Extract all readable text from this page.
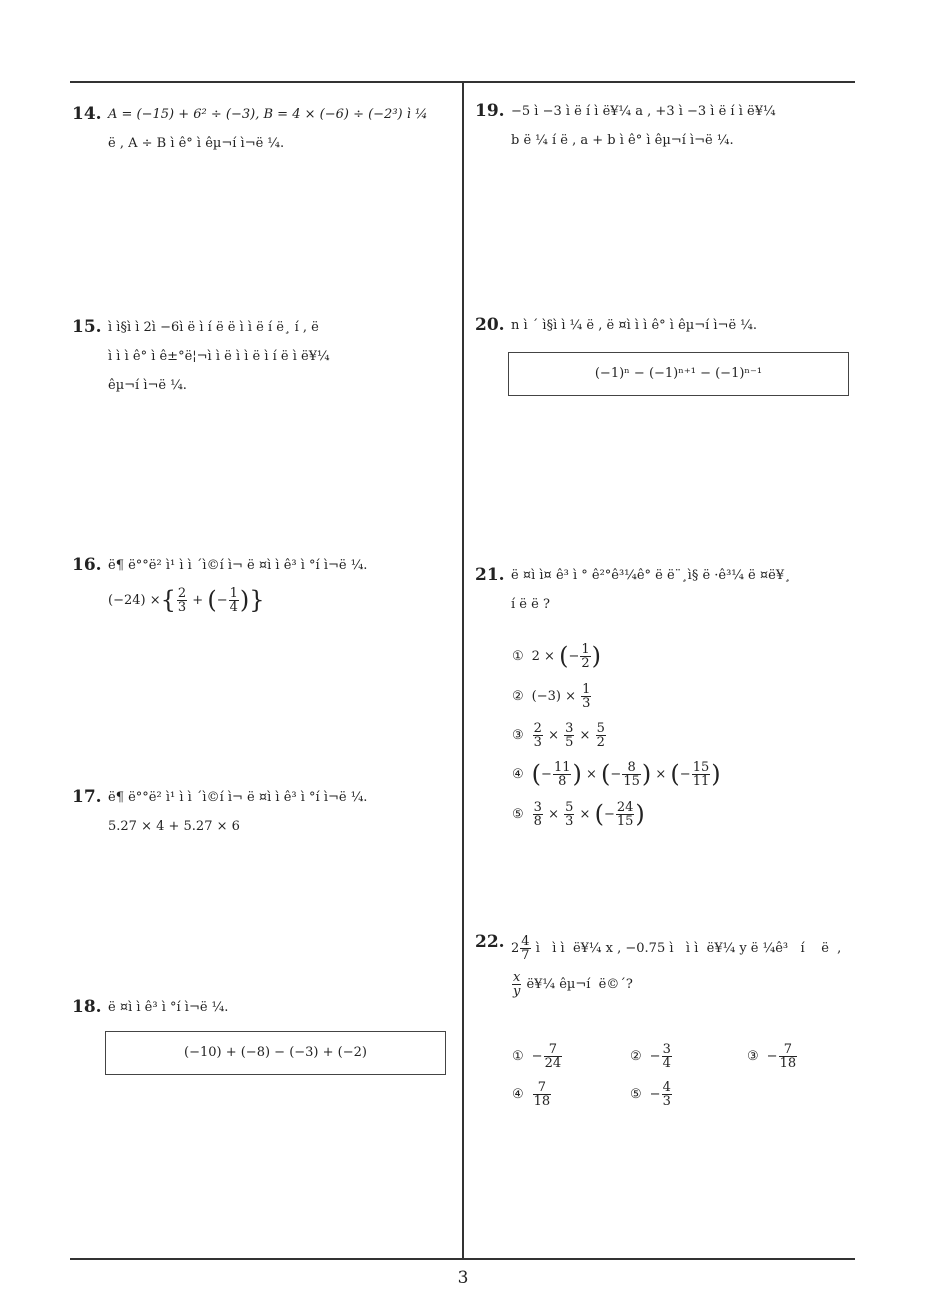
14. A = (−15) + 6² ÷ (−3), B = 4 × (−6) ÷ (−2³) ì ¼
ë , A ÷ B ì ê° ì êµ¬í ì¬ë ¼.
15. ì ì§ì ì 2ì −6ì ë ì í ë ë ì ì ë í ë¸ í , ë
ì ì ì ê° ì ê±°ë¦¬ì ì ë ì ì ë ì í ë ì ë¥¼
êµ¬í ì¬ë ¼.
16. ë¶ ë°°ë² ì¹ ì ì ´ì©í ì¬ ë ¤ì ì ê³ ì °í ì¬ë ¼.
(−24) × { $\frac{2}{3}$ + ( − $\frac{1}{4}$ ) }
17. ë¶ ë°°ë² ì¹ ì ì ´ì©í ì¬ ë ¤ì ì ê³ ì °í ì¬ë ¼.
5.27 × 4 + 5.27 × 6
18. ë ¤ì ì ê³ ì °í ì¬ë ¼.
(−10) + (−8) − (−3) + (−2)
19. −5 ì −3 ì ë í ì ë¥¼ a , +3 ì −3 ì ë í ì ë¥¼
b ë ¼ í ë , a + b ì ê° ì êµ¬í ì¬ë ¼.
20. n ì ´ ì§ì ì ¼ ë , ë ¤ì ì ì ê° ì êµ¬í ì¬ë ¼.
(−1)ⁿ − (−1)ⁿ⁺¹ − (−1)ⁿ⁻¹
21. ë ¤ì ì¤ ê³ ì ° ê²°ê³¼ê° ë ë¨¸ì§ ë ·ê³¼ ë ¤ë¥¸
í ë ë ?
① 2 × ( − $\frac{1}{2}$ )
② $(-3) \times \frac{1}{3}$
③ $\frac{2}{3} \times \frac{3}{5} \times \frac{5}{2}$
④ ( − $\frac{11}{8}$ ) × ( − $\frac{8}{15}$ ) × ( − $\frac{15}{11}$ )
⑤ $\frac{3}{8} \times \frac{5}{3}$ × ( − $\frac{24}{15}$ )
22. $2 \frac{4}{7}$ ì   ì ì  ë¥¼ x , −0.75 ì   ì ì  ë¥¼ y ë ¼ê³   í    ë  ,
$\frac{x}{y}$ ë¥¼ êµ¬í  ë©´?
① − $\frac{7}{24}$	② − $\frac{3}{4}$	③ − $\frac{7}{18}$
④ $\frac{7}{18}$	⑤ − $\frac{4}{3}$
3
